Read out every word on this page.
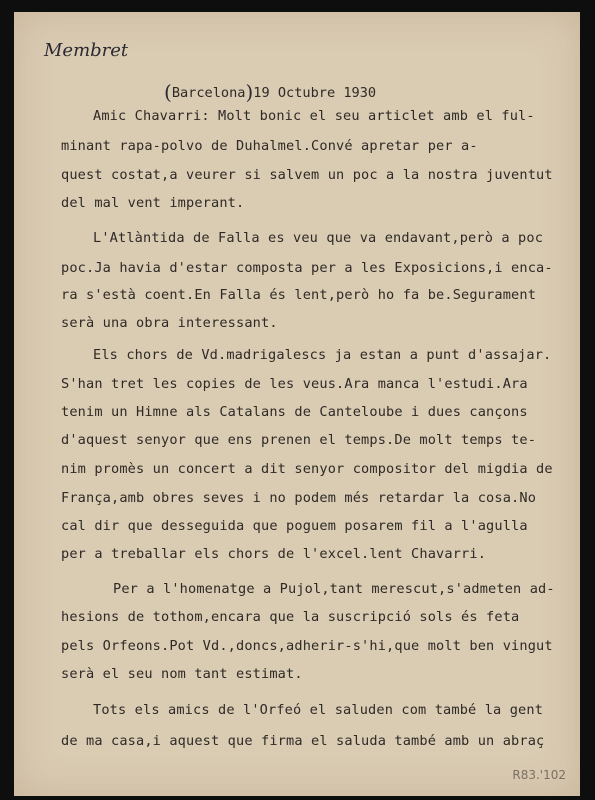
Membret
(Barcelona)19 Octubre 1930
Amic Chavarri: Molt bonic el seu articlet amb el ful-
minant rapa-polvo de Duhalmel.Convé apretar per a-
quest costat,a veurer si salvem un poc a la nostra juventut
del mal vent imperant.
L'Atlàntida de Falla es veu que va endavant,però a poc
poc.Ja havia d'estar composta per a les Exposicions,i enca-
ra s'està coent.En Falla és lent,però ho fa be.Segurament
serà una obra interessant.
Els chors de Vd.madrigalescs ja estan a punt d'assajar.
S'han tret les copies de les veus.Ara manca l'estudi.Ara
tenim un Himne als Catalans de Canteloube i dues cançons
d'aquest senyor que ens prenen el temps.De molt temps te-
nim promès un concert a dit senyor compositor del migdia de
França,amb obres seves i no podem més retardar la cosa.No
cal dir que desseguida que poguem posarem fil a l'agulla
per a treballar els chors de l'excel.lent Chavarri.
Per a l'homenatge a Pujol,tant merescut,s'admeten ad-
hesions de tothom,encara que la suscripció sols és feta
pels Orfeons.Pot Vd.,doncs,adherir-s'hi,que molt ben vingut
serà el seu nom tant estimat.
Tots els amics de l'Orfeó el saluden com també la gent
de ma casa,i aquest que firma el saluda també amb un abraç
R83.'102
